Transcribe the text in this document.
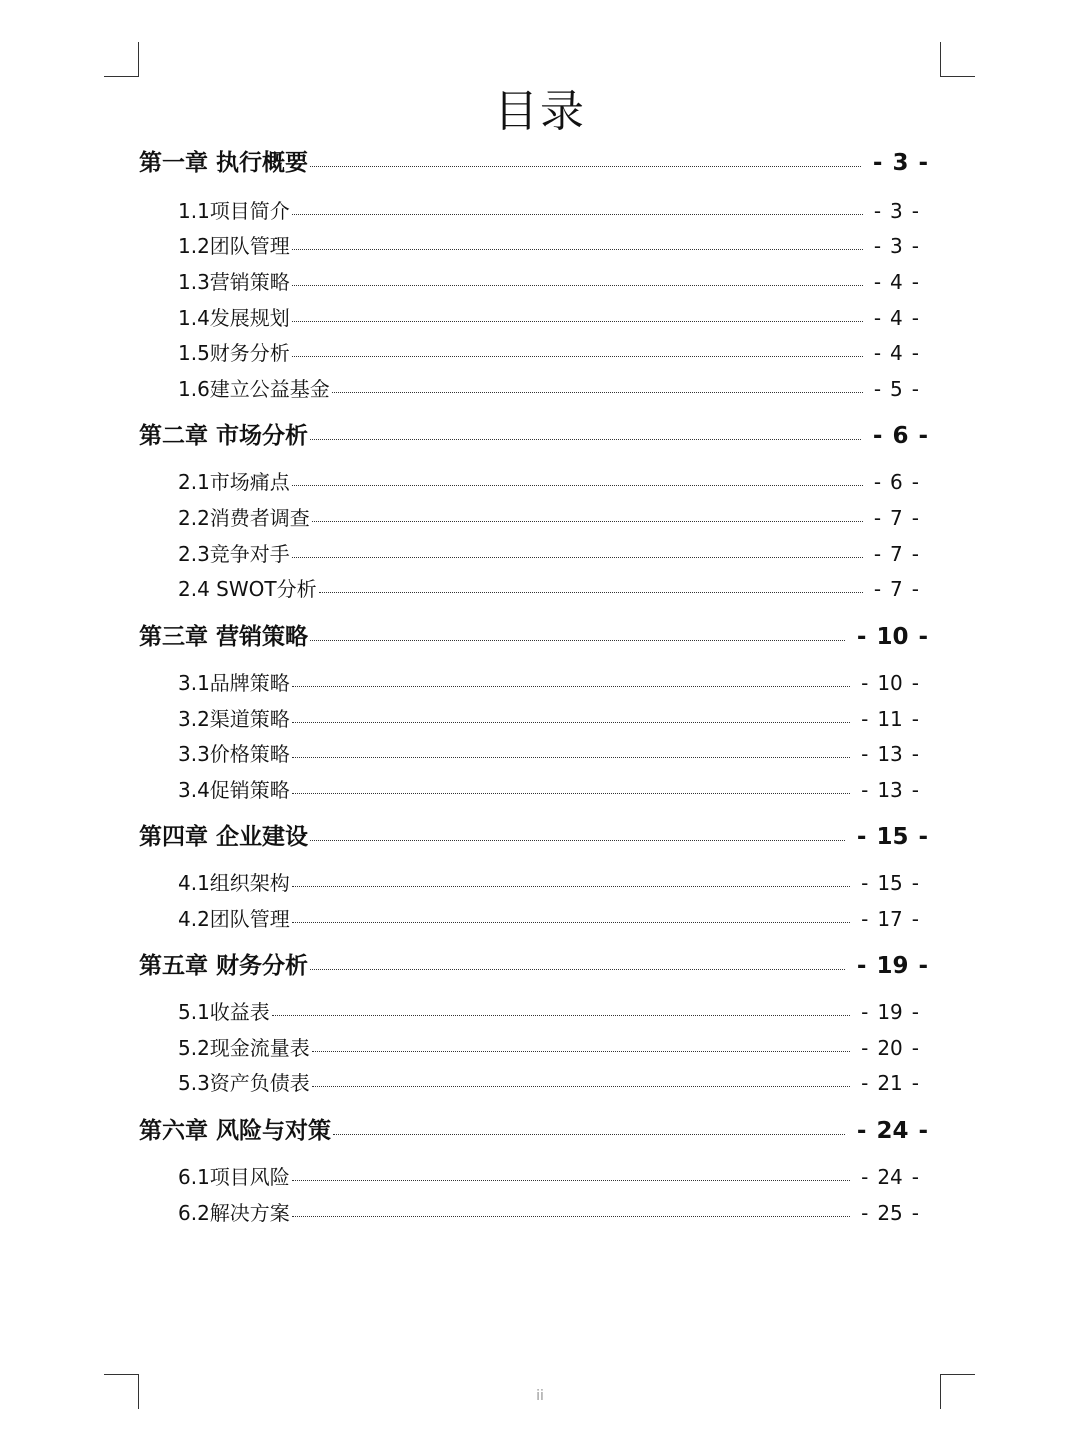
目录
第一章 执行概要	- 3 -
1.1项目简介	- 3 -
1.2团队管理	- 3 -
1.3营销策略	- 4 -
1.4发展规划	- 4 -
1.5财务分析	- 4 -
1.6建立公益基金	- 5 -
第二章 市场分析	- 6 -
2.1市场痛点	- 6 -
2.2消费者调查	- 7 -
2.3竞争对手	- 7 -
2.4 SWOT分析	- 7 -
第三章 营销策略	- 10 -
3.1品牌策略	- 10 -
3.2渠道策略	- 11 -
3.3价格策略	- 13 -
3.4促销策略	- 13 -
第四章 企业建设	- 15 -
4.1组织架构	- 15 -
4.2团队管理	- 17 -
第五章 财务分析	- 19 -
5.1收益表	- 19 -
5.2现金流量表	- 20 -
5.3资产负债表	- 21 -
第六章 风险与对策	- 24 -
6.1项目风险	- 24 -
6.2解决方案	- 25 -
ii
